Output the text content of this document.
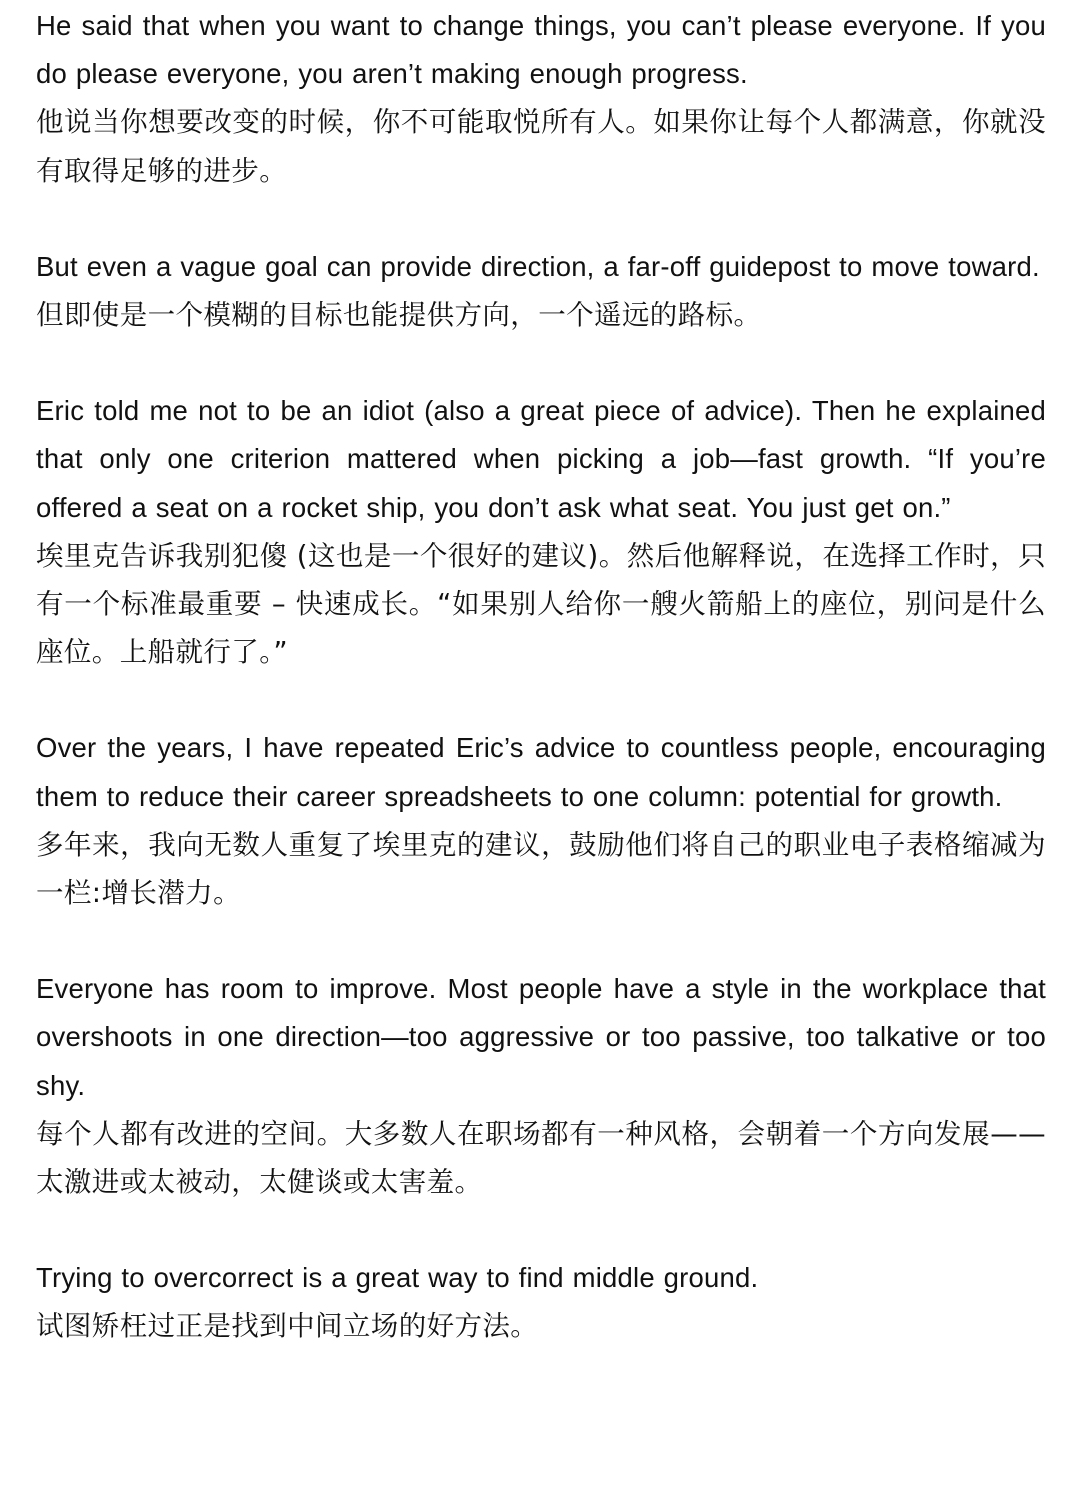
He said that when you want to change things, you can’t please everyone. If you do please everyone, you aren’t making enough progress.

他说当你想要改变的时候，你不可能取悦所有人。如果你让每个人都满意，你就没有取得足够的进步。

But even a vague goal can provide direction, a far-off guidepost to move toward.

但即使是一个模糊的目标也能提供方向，一个遥远的路标。

Eric told me not to be an idiot (also a great piece of advice). Then he explained that only one criterion mattered when picking a job—fast growth. “If you’re offered a seat on a rocket ship, you don’t ask what seat. You just get on.”

埃里克告诉我别犯傻 (这也是一个很好的建议)。然后他解释说，在选择工作时，只有一个标准最重要 – 快速成长。“如果别人给你一艘火箭船上的座位，别问是什么座位。上船就行了。”

Over the years, I have repeated Eric’s advice to countless people, encouraging them to reduce their career spreadsheets to one column: potential for growth.

多年来，我向无数人重复了埃里克的建议，鼓励他们将自己的职业电子表格缩减为一栏:增长潜力。

Everyone has room to improve. Most people have a style in the workplace that overshoots in one direction—too aggressive or too passive, too talkative or too shy.

每个人都有改进的空间。大多数人在职场都有一种风格，会朝着一个方向发展——太激进或太被动，太健谈或太害羞。

Trying to overcorrect is a great way to find middle ground.

试图矫枉过正是找到中间立场的好方法。
